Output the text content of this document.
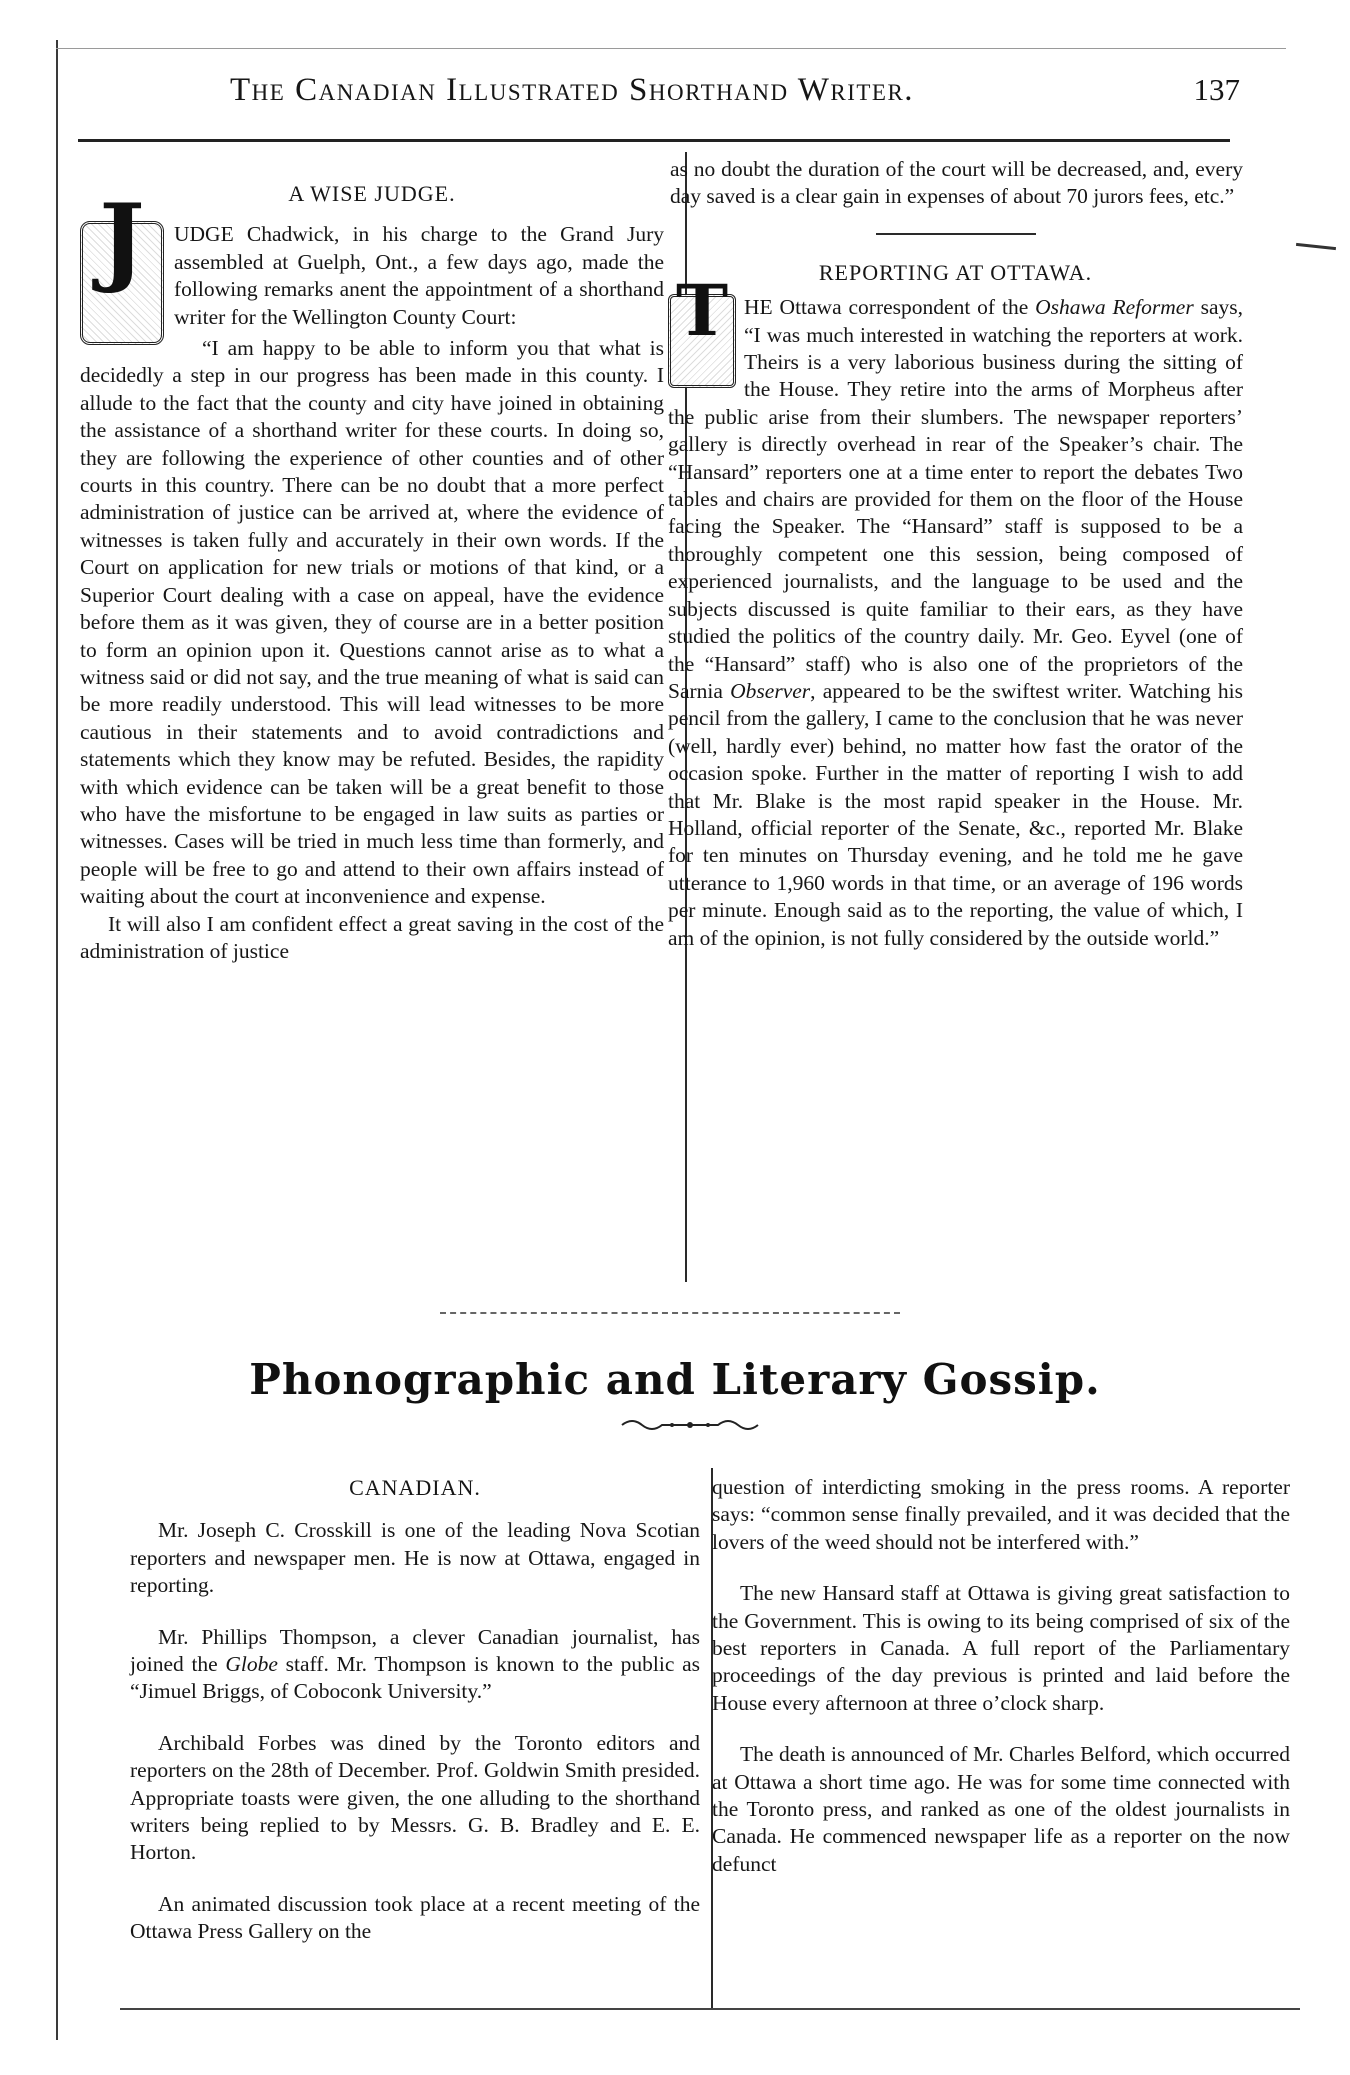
The Canadian Illustrated Shorthand Writer.	137

A WISE JUDGE.

J	UDGE Chadwick, in his charge to the Grand Jury assembled at Guelph, Ont., a few days ago, made the following remarks anent the appointment of a shorthand writer for the Wellington County Court:

“I am happy to be able to inform you that what is decidedly a step in our progress has been made in this county. I allude to the fact that the county and city have joined in obtaining the assistance of a shorthand writer for these courts. In doing so, they are following the experience of other counties and of other courts in this country. There can be no doubt that a more perfect administration of justice can be arrived at, where the evidence of witnesses is taken fully and accurately in their own words. If the Court on application for new trials or motions of that kind, or a Superior Court dealing with a case on appeal, have the evidence before them as it was given, they of course are in a better position to form an opinion upon it. Questions cannot arise as to what a witness said or did not say, and the true meaning of what is said can be more readily understood. This will lead witnesses to be more cautious in their statements and to avoid contradictions and statements which they know may be refuted. Besides, the rapidity with which evidence can be taken will be a great benefit to those who have the misfortune to be engaged in law suits as parties or witnesses. Cases will be tried in much less time than formerly, and people will be free to go and attend to their own affairs instead of waiting about the court at inconvenience and expense.

It will also I am confident effect a great saving in the cost of the administration of justice

as no doubt the duration of the court will be decreased, and, every day saved is a clear gain in expenses of about 70 jurors fees, etc.”

REPORTING AT OTTAWA.

T HE Ottawa correspondent of the Oshawa Reformer says, “I was much interested in watching the reporters at work. Theirs is a very laborious business during the sitting of the House. They retire into the arms of Morpheus after the public arise from their slumbers. The newspaper reporters’ gallery is directly overhead in rear of the Speaker’s chair. The “Hansard” reporters one at a time enter to report the debates Two tables and chairs are provided for them on the floor of the House facing the Speaker. The “Hansard” staff is supposed to be a thoroughly competent one this session, being composed of experienced journalists, and the language to be used and the subjects discussed is quite familiar to their ears, as they have studied the politics of the country daily. Mr. Geo. Eyvel (one of the “Hansard” staff) who is also one of the proprietors of the Sarnia Observer, appeared to be the swiftest writer. Watching his pencil from the gallery, I came to the conclusion that he was never (well, hardly ever) behind, no matter how fast the orator of the occasion spoke. Further in the matter of reporting I wish to add that Mr. Blake is the most rapid speaker in the House. Mr. Holland, official reporter of the Senate, &c., reported Mr. Blake for ten minutes on Thursday evening, and he told me he gave utterance to 1,960 words in that time, or an average of 196 words per minute. Enough said as to the reporting, the value of which, I am of the opinion, is not fully considered by the outside world.”

Phonographic and Literary Gossip.

CANADIAN.

Mr. Joseph C. Crosskill is one of the leading Nova Scotian reporters and newspaper men. He is now at Ottawa, engaged in reporting.

Mr. Phillips Thompson, a clever Canadian journalist, has joined the Globe staff. Mr. Thompson is known to the public as “Jimuel Briggs, of Coboconk University.”

Archibald Forbes was dined by the Toronto editors and reporters on the 28th of December. Prof. Goldwin Smith presided. Appropriate toasts were given, the one alluding to the shorthand writers being replied to by Messrs. G. B. Bradley and E. E. Horton.

An animated discussion took place at a recent meeting of the Ottawa Press Gallery on the

question of interdicting smoking in the press rooms. A reporter says: “common sense finally prevailed, and it was decided that the lovers of the weed should not be interfered with.”

The new Hansard staff at Ottawa is giving great satisfaction to the Government. This is owing to its being comprised of six of the best reporters in Canada. A full report of the Parliamentary proceedings of the day previous is printed and laid before the House every afternoon at three o’clock sharp.

The death is announced of Mr. Charles Belford, which occurred at Ottawa a short time ago. He was for some time connected with the Toronto press, and ranked as one of the oldest journalists in Canada. He commenced newspaper life as a reporter on the now defunct
